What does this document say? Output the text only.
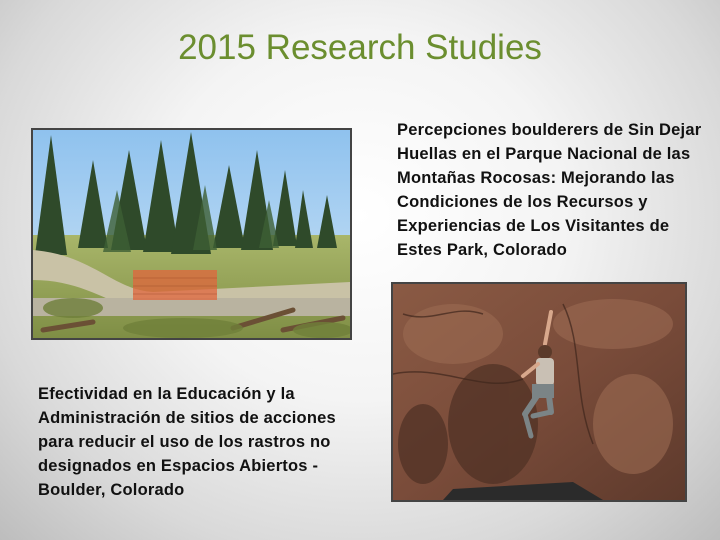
2015 Research Studies
Percepciones boulderers de Sin Dejar Huellas en el Parque Nacional de las Montañas Rocosas: Mejorando las Condiciones de los Recursos y Experiencias de Los Visitantes de Estes Park, Colorado
Efectividad en la Educación y la Administración de sitios de acciones para reducir el uso de los rastros no designados en Espacios Abiertos - Boulder, Colorado
